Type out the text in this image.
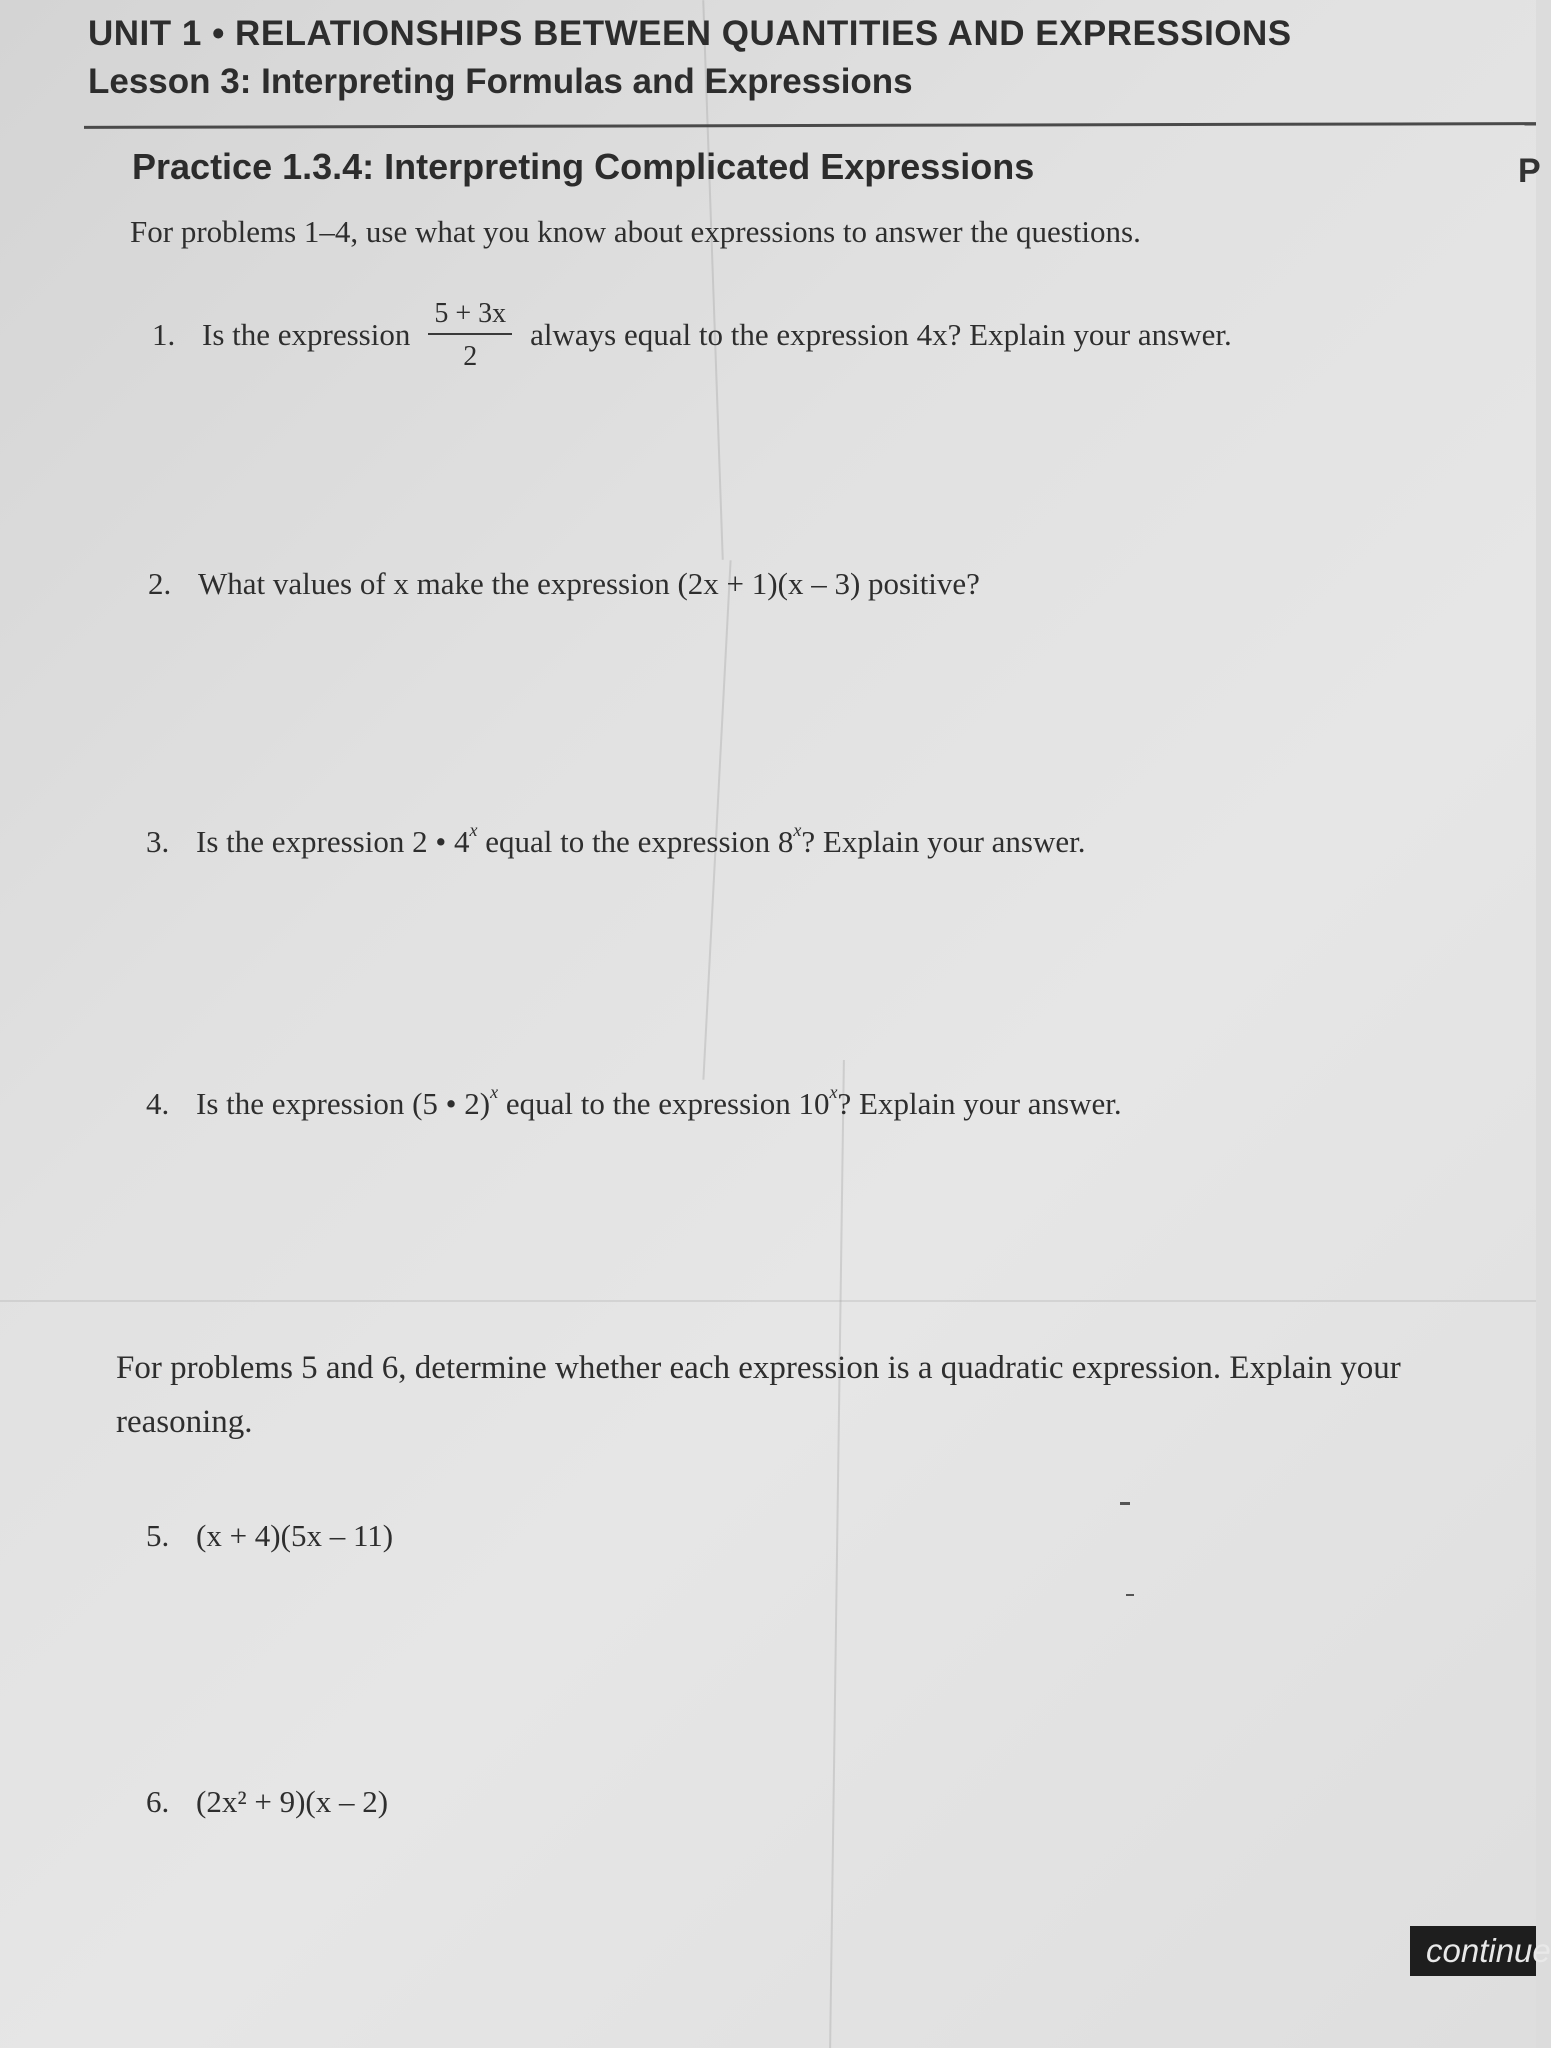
UNIT 1 • RELATIONSHIPS BETWEEN QUANTITIES AND EXPRESSIONS
Lesson 3: Interpreting Formulas and Expressions
Practice 1.3.4: Interpreting Complicated Expressions	P
For problems 1–4, use what you know about expressions to answer the questions.
1. Is the expression $\frac{5 + 3x}{2}$ always equal to the expression 4x? Explain your answer.
2. What values of x make the expression (2x + 1)(x – 3) positive?
3. Is the expression 2 • 4 x equal to the expression 8 x ? Explain your answer.
4. Is the expression (5 • 2) x equal to the expression 10 x ? Explain your answer.
For problems 5 and 6, determine whether each expression is a quadratic expression. Explain your
reasoning.
5. (x + 4)(5x – 11)
6. (2x² + 9)(x – 2)
continue
